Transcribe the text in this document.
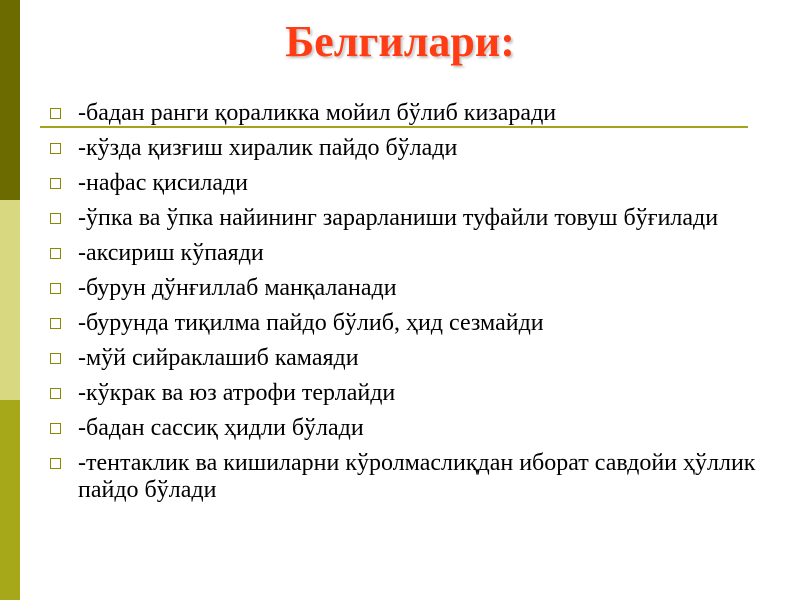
Белгилари:
-бадан ранги қораликка мойил бўлиб кизаради
-кўзда қизғиш хиралик пайдо бўлади
-нафас қисилади
-ўпка ва ўпка найининг зарарланиши туфайли товуш бўғилади
-аксириш кўпаяди
-бурун дўнғиллаб манқаланади
-бурунда тиқилма пайдо бўлиб, ҳид сезмайди
-мўй сийраклашиб камаяди
-кўкрак ва юз атрофи терлайди
-бадан сассиқ ҳидли бўлади
-тентаклик ва кишиларни кўролмаслиқдан иборат савдойи ҳўллик пайдо бўлади
